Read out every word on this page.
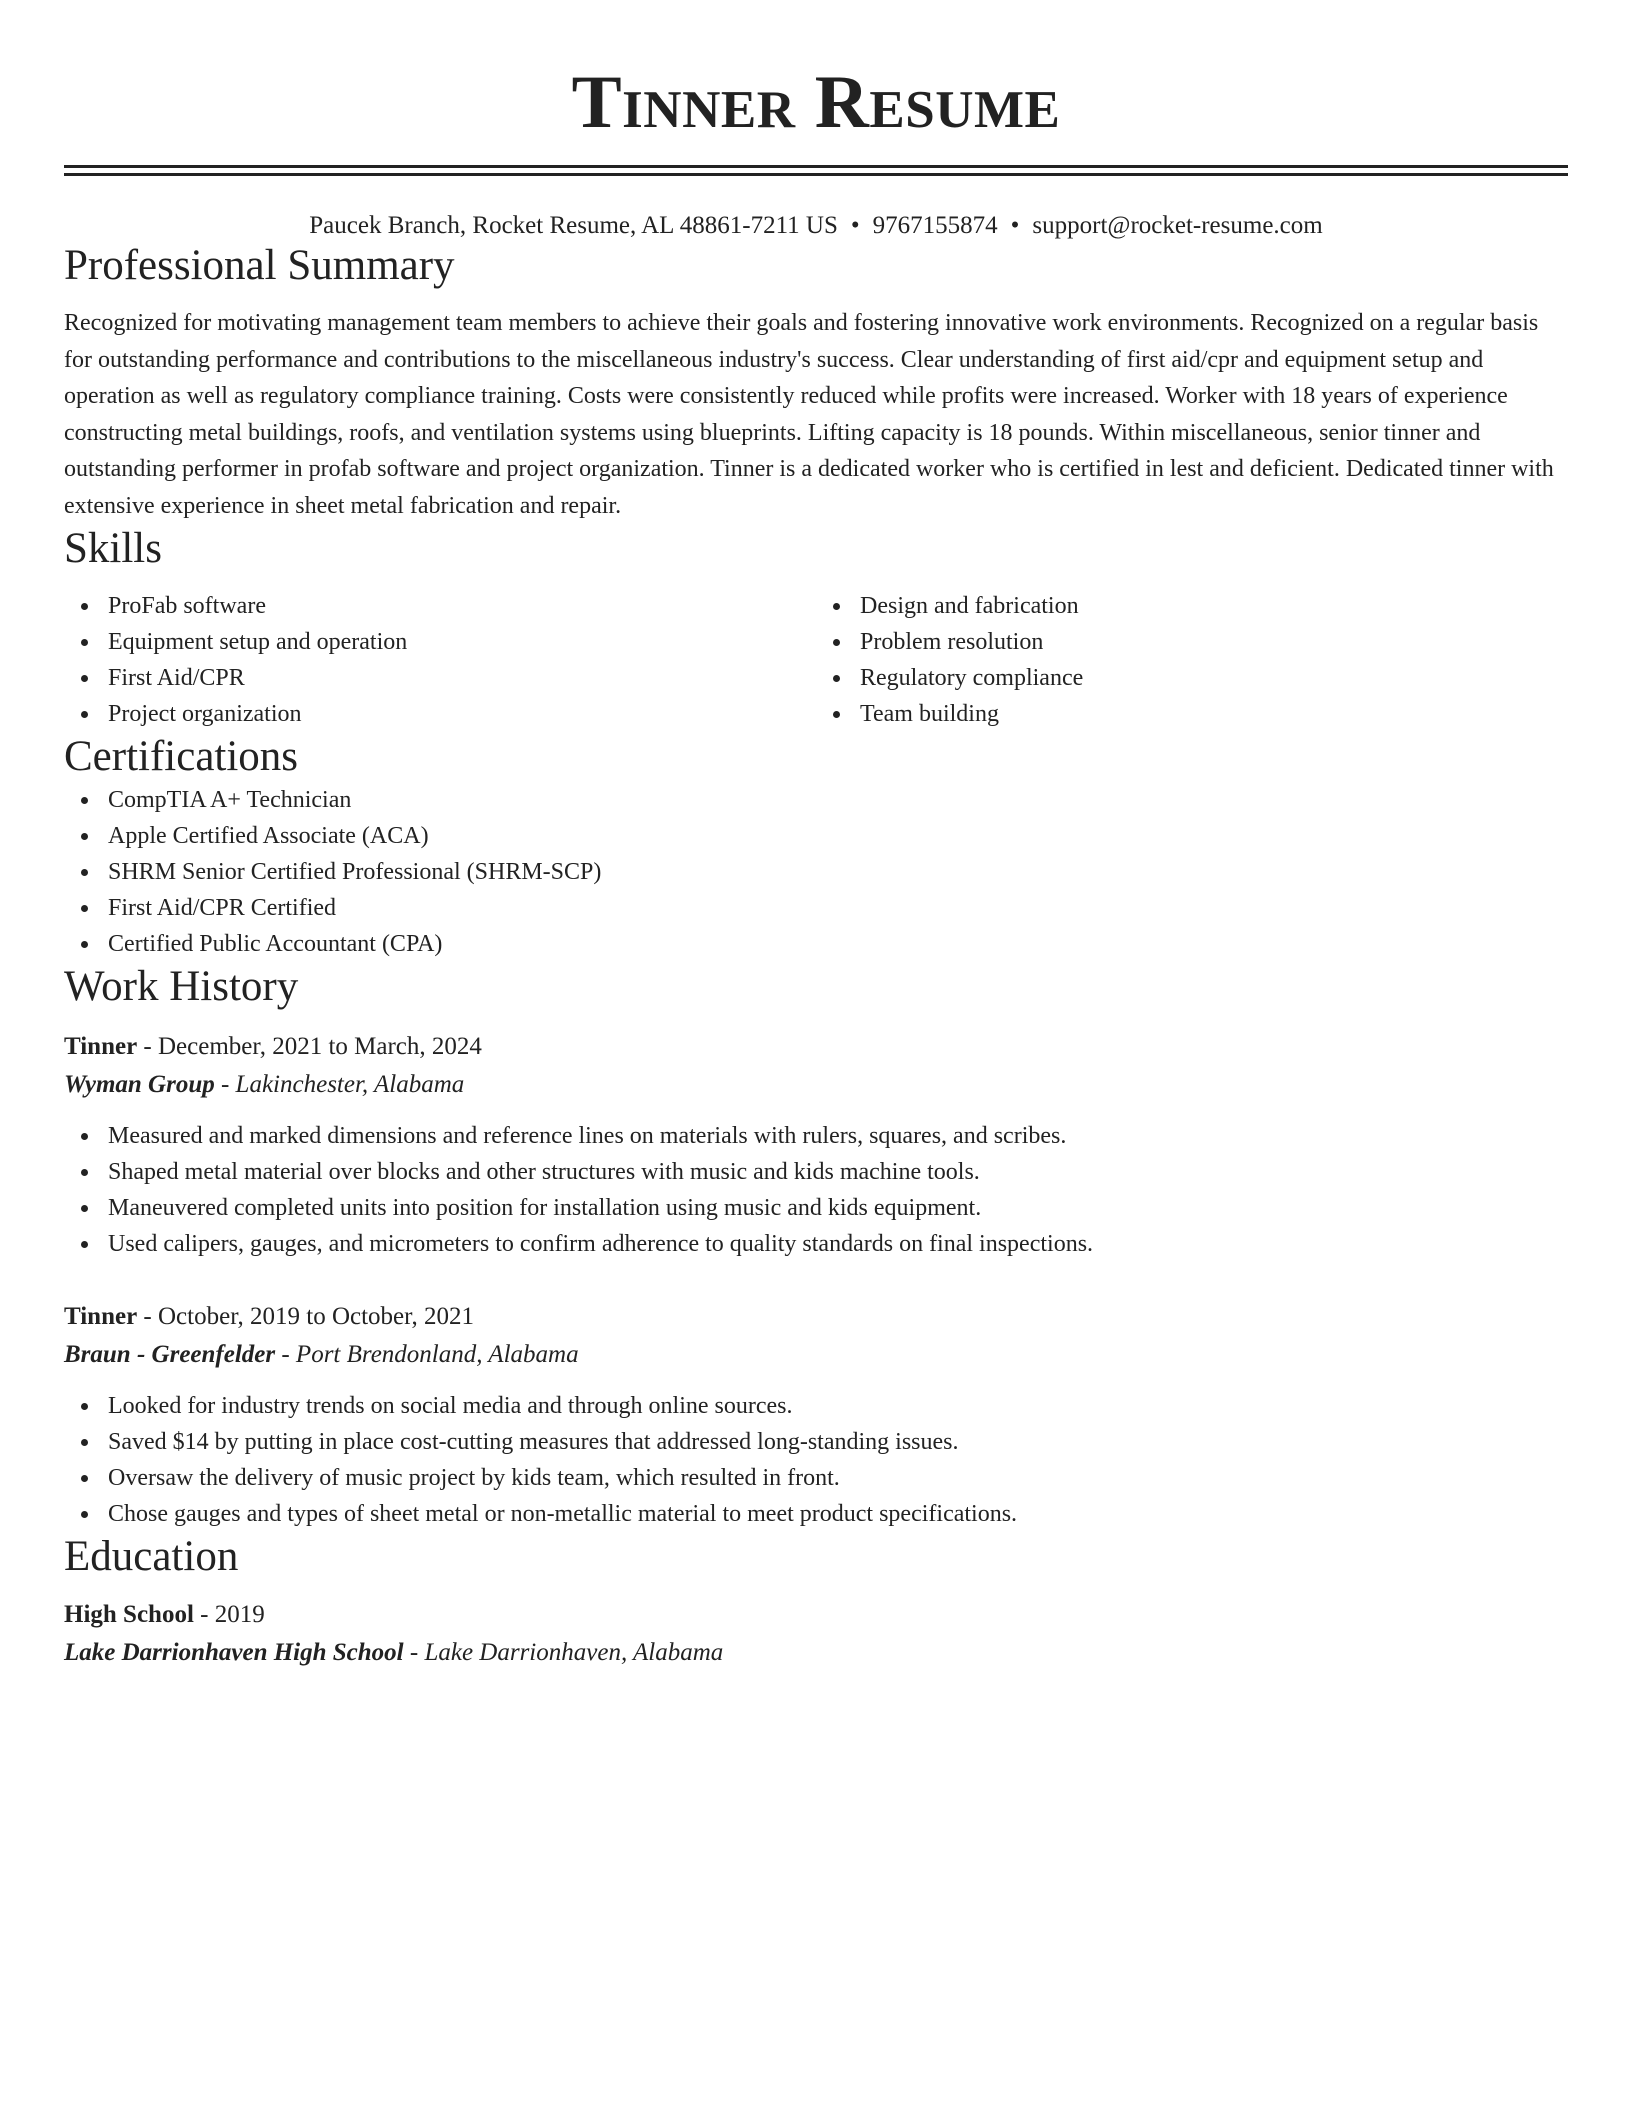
Tinner Resume
Paucek Branch, Rocket Resume, AL 48861-7211 US • 9767155874 • support@rocket-resume.com
Professional Summary
Recognized for motivating management team members to achieve their goals and fostering innovative work environments. Recognized on a regular basis for outstanding performance and contributions to the miscellaneous industry's success. Clear understanding of first aid/cpr and equipment setup and operation as well as regulatory compliance training. Costs were consistently reduced while profits were increased. Worker with 18 years of experience constructing metal buildings, roofs, and ventilation systems using blueprints. Lifting capacity is 18 pounds. Within miscellaneous, senior tinner and outstanding performer in profab software and project organization. Tinner is a dedicated worker who is certified in lest and deficient. Dedicated tinner with extensive experience in sheet metal fabrication and repair.
Skills
ProFab software
Equipment setup and operation
First Aid/CPR
Project organization
Design and fabrication
Problem resolution
Regulatory compliance
Team building
Certifications
CompTIA A+ Technician
Apple Certified Associate (ACA)
SHRM Senior Certified Professional (SHRM-SCP)
First Aid/CPR Certified
Certified Public Accountant (CPA)
Work History
Tinner - December, 2021 to March, 2024
Wyman Group - Lakinchester, Alabama
Measured and marked dimensions and reference lines on materials with rulers, squares, and scribes.
Shaped metal material over blocks and other structures with music and kids machine tools.
Maneuvered completed units into position for installation using music and kids equipment.
Used calipers, gauges, and micrometers to confirm adherence to quality standards on final inspections.
Tinner - October, 2019 to October, 2021
Braun - Greenfelder - Port Brendonland, Alabama
Looked for industry trends on social media and through online sources.
Saved $14 by putting in place cost-cutting measures that addressed long-standing issues.
Oversaw the delivery of music project by kids team, which resulted in front.
Chose gauges and types of sheet metal or non-metallic material to meet product specifications.
Education
High School - 2019
Lake Darrionhaven High School - Lake Darrionhaven, Alabama
